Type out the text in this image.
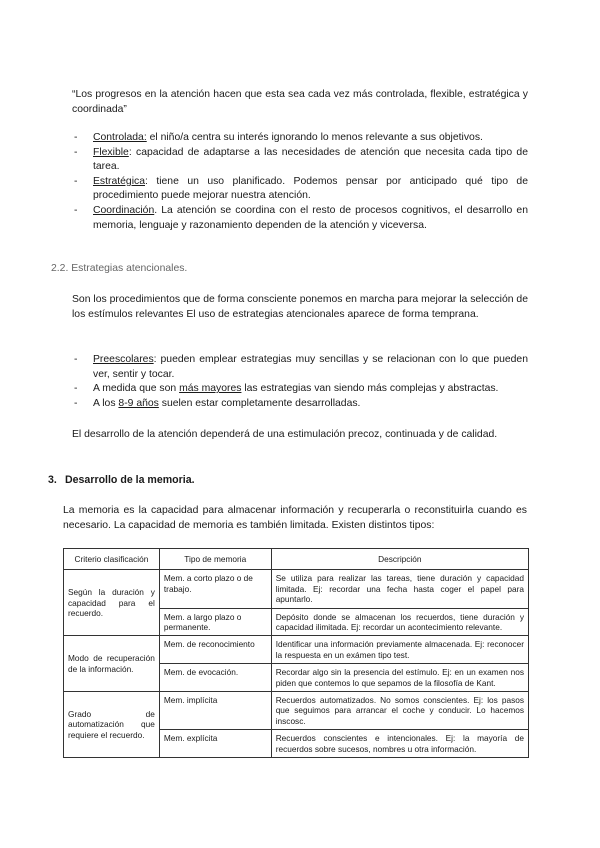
“Los progresos en la atención hacen que esta sea cada vez más controlada, flexible, estratégica y coordinada”

- Controlada: el niño/a centra su interés ignorando lo menos relevante a sus objetivos.
- Flexible: capacidad de adaptarse a las necesidades de atención que necesita cada tipo de tarea.
- Estratégica: tiene un uso planificado. Podemos pensar por anticipado qué tipo de procedimiento puede mejorar nuestra atención.
- Coordinación. La atención se coordina con el resto de procesos cognitivos, el desarrollo en memoria, lenguaje y razonamiento dependen de la atención y viceversa.
2.2. Estrategias atencionales.

Son los procedimientos que de forma consciente ponemos en marcha para mejorar la selección de los estímulos relevantes El uso de estrategias atencionales aparece de forma temprana.

- Preescolares: pueden emplear estrategias muy sencillas y se relacionan con lo que pueden ver, sentir y tocar.
- A medida que son más mayores las estrategias van siendo más complejas y abstractas.
- A los 8-9 años suelen estar completamente desarrolladas.

El desarrollo de la atención dependerá de una estimulación precoz, continuada y de calidad.

3. Desarrollo de la memoria.

La memoria es la capacidad para almacenar información y recuperarla o reconstituirla cuando es necesario. La capacidad de memoria es también limitada. Existen distintos tipos:

Criterio clasificación	Tipo de memoria	Descripción
Según la duración y capacidad para el recuerdo.	Mem. a corto plazo o de trabajo.	Se utiliza para realizar las tareas, tiene duración y capacidad limitada. Ej: recordar una fecha hasta coger el papel para apuntarlo.
	Mem. a largo plazo o permanente.	Depósito donde se almacenan los recuerdos, tiene duración y capacidad ilimitada. Ej: recordar un acontecimiento relevante.
Modo de recuperación de la información.	Mem. de reconocimiento	Identificar una información previamente almacenada. Ej: reconocer la respuesta en un exámen tipo test.
	Mem. de evocación.	Recordar algo sin la presencia del estímulo. Ej: en un examen nos piden que contemos lo que sepamos de la filosofía de Kant.
Grado de automatización que requiere el recuerdo.	Mem. implícita	Recuerdos automatizados. No somos conscientes. Ej: los pasos que seguimos para arrancar el coche y conducir. Lo hacemos inscosc.
	Mem. explícita	Recuerdos conscientes e intencionales. Ej: la mayoría de recuerdos sobre sucesos, nombres u otra información.
